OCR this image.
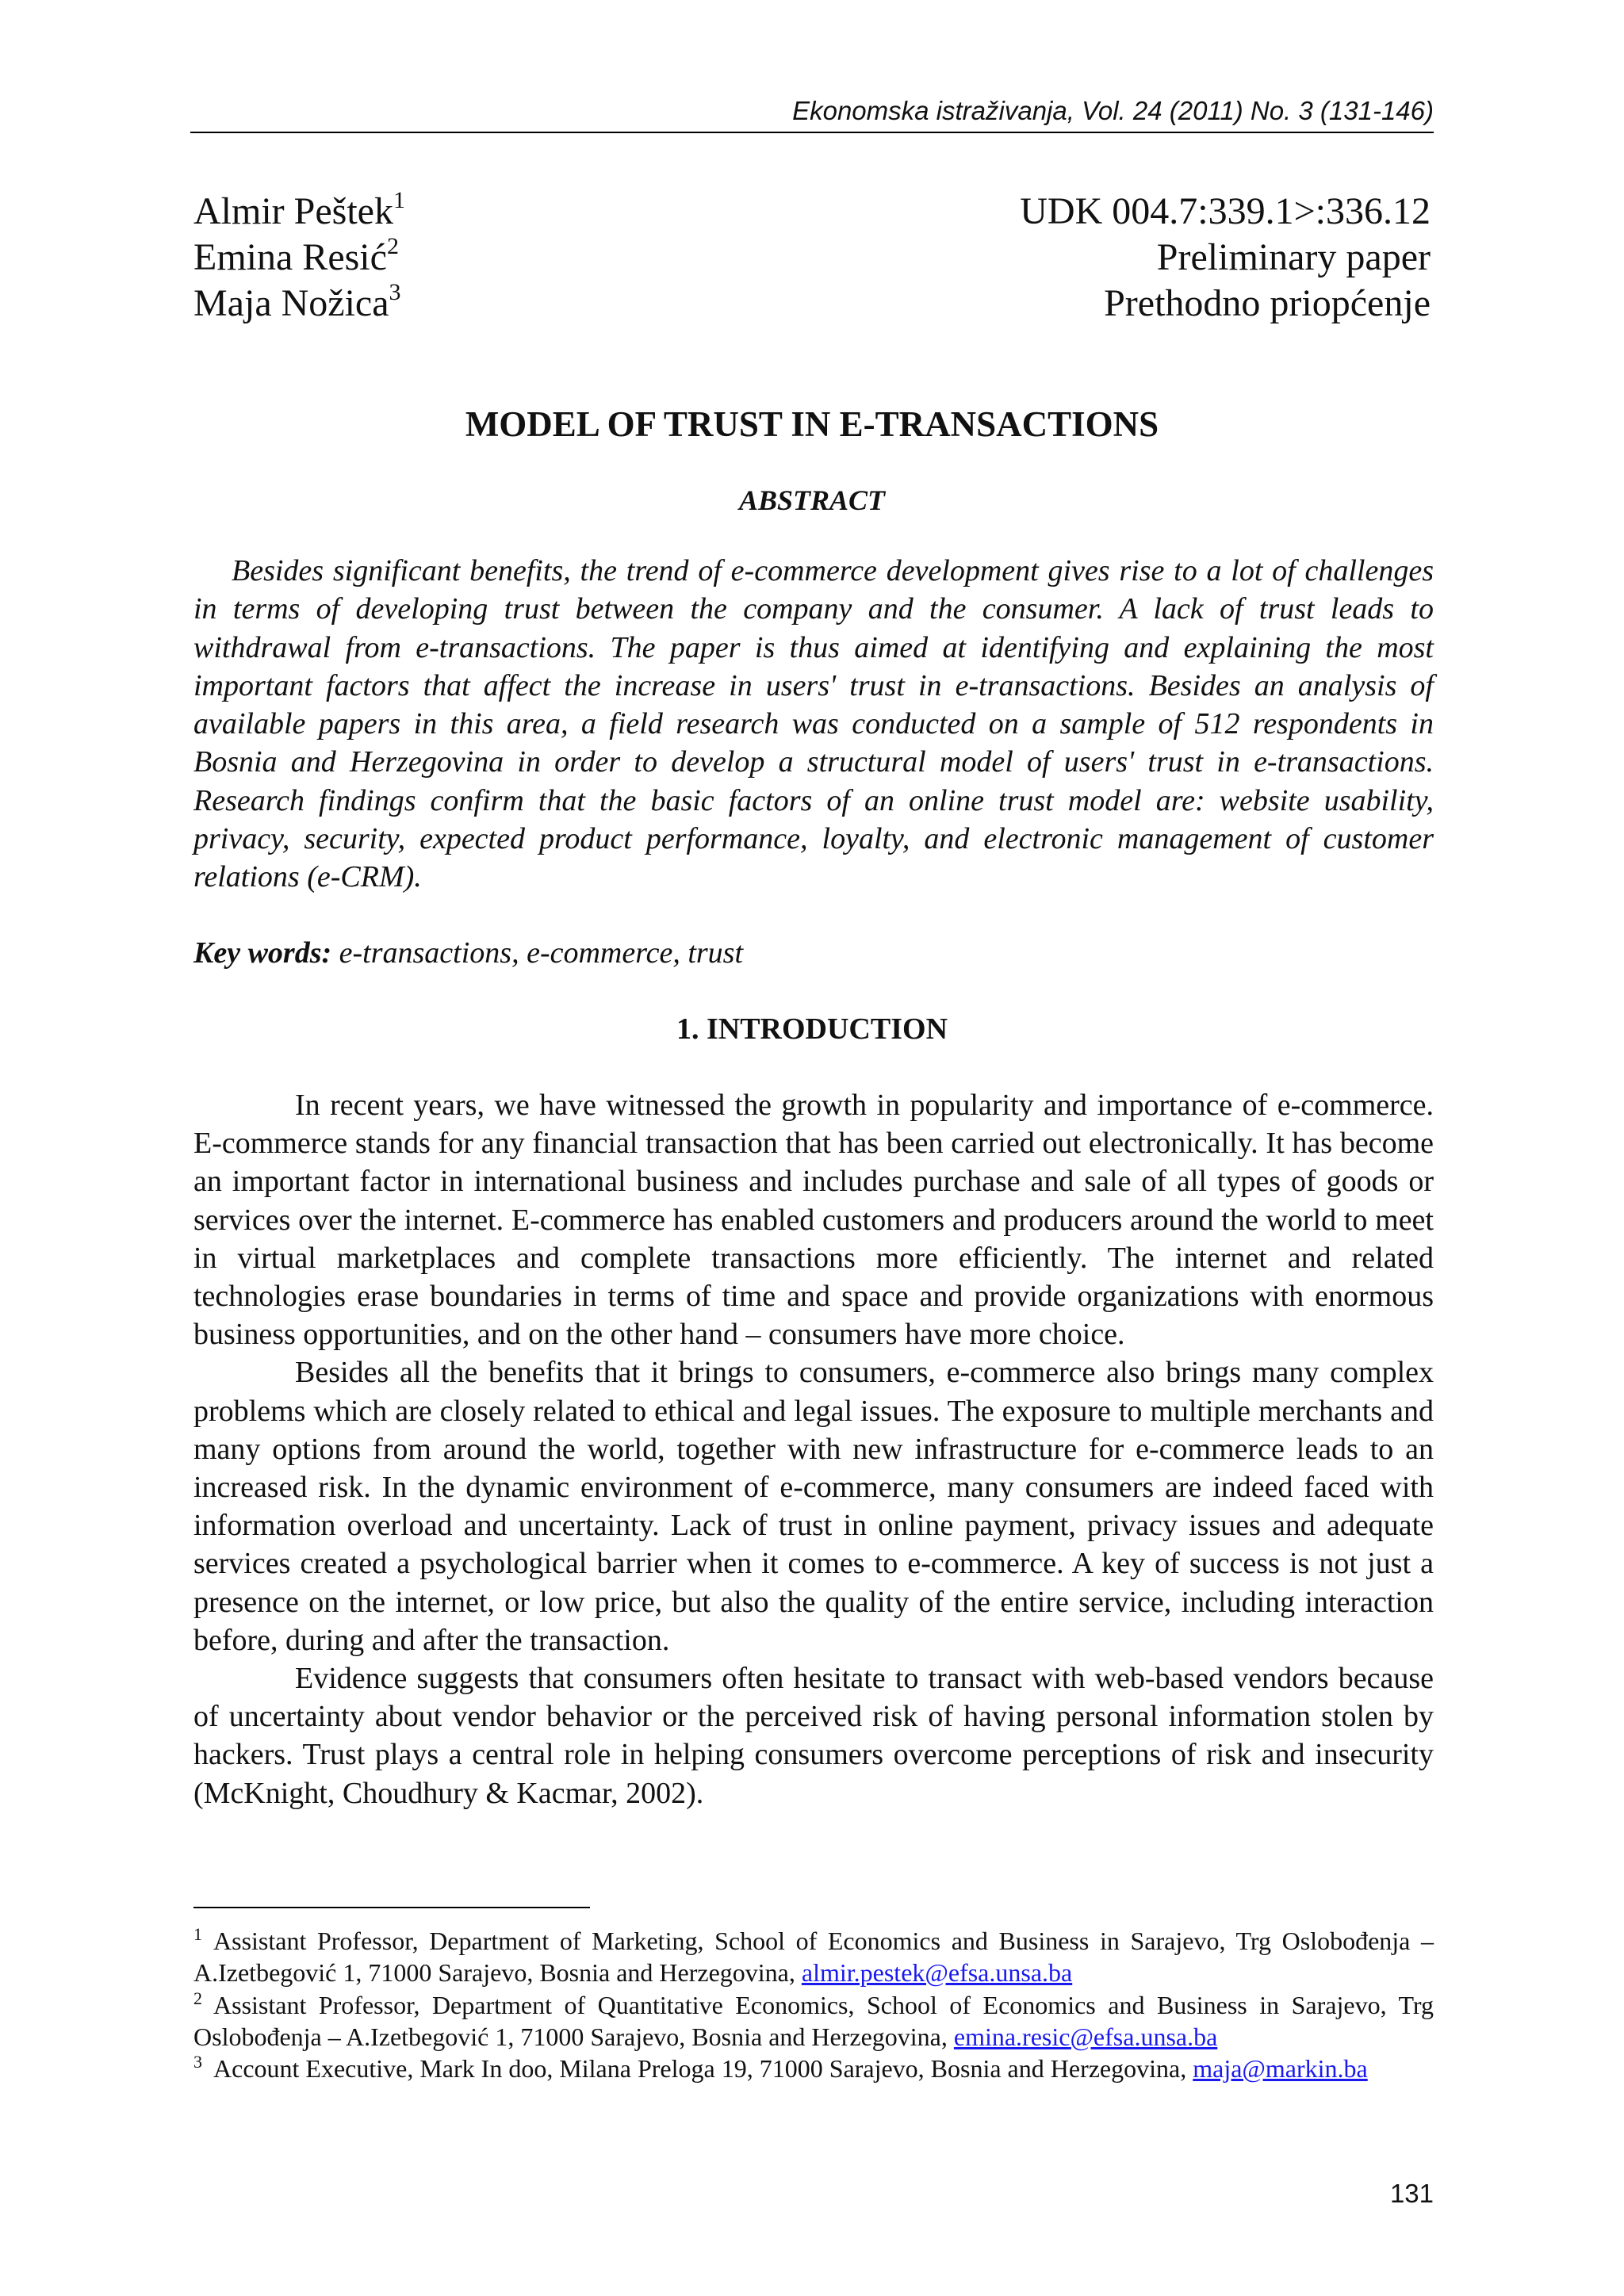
Ekonomska istraživanja, Vol. 24 (2011) No. 3 (131-146)
Almir Peštek$^1$
Emina Resić$^2$
Maja Nožica$^3$
UDK 004.7:339.1>:336.12
Preliminary paper
Prethodno priopćenje
MODEL OF TRUST IN E-TRANSACTIONS
ABSTRACT

Besides significant benefits, the trend of e-commerce development gives rise to a lot of challenges in terms of developing trust between the company and the consumer. A lack of trust leads to withdrawal from e-transactions. The paper is thus aimed at identifying and explaining the most important factors that affect the increase in users' trust in e-transactions. Besides an analysis of available papers in this area, a field research was conducted on a sample of 512 respondents in Bosnia and Herzegovina in order to develop a structural model of users' trust in e-transactions. Research findings confirm that the basic factors of an online trust model are: website usability, privacy, security, expected product performance, loyalty, and electronic management of customer relations (e-CRM).

Key words: e-transactions, e-commerce, trust

1. INTRODUCTION

In recent years, we have witnessed the growth in popularity and importance of e-commerce. E-commerce stands for any financial transaction that has been carried out electronically. It has become an important factor in international business and includes purchase and sale of all types of goods or services over the internet. E-commerce has enabled customers and producers around the world to meet in virtual marketplaces and complete transactions more efficiently. The internet and related technologies erase boundaries in terms of time and space and provide organizations with enormous business opportunities, and on the other hand – consumers have more choice.

Besides all the benefits that it brings to consumers, e-commerce also brings many complex problems which are closely related to ethical and legal issues. The exposure to multiple merchants and many options from around the world, together with new infrastructure for e-commerce leads to an increased risk. In the dynamic environment of e-commerce, many consumers are indeed faced with information overload and uncertainty. Lack of trust in online payment, privacy issues and adequate services created a psychological barrier when it comes to e-commerce. A key of success is not just a presence on the internet, or low price, but also the quality of the entire service, including interaction before, during and after the transaction.

Evidence suggests that consumers often hesitate to transact with web-based vendors because of uncertainty about vendor behavior or the perceived risk of having personal information stolen by hackers. Trust plays a central role in helping consumers overcome perceptions of risk and insecurity (McKnight, Choudhury & Kacmar, 2002).

$^1$ Assistant Professor, Department of Marketing, School of Economics and Business in Sarajevo, Trg Oslobođenja – A.Izetbegović 1, 71000 Sarajevo, Bosnia and Herzegovina, almir.pestek@efsa.unsa.ba

$^2$ Assistant Professor, Department of Quantitative Economics, School of Economics and Business in Sarajevo, Trg Oslobođenja – A.Izetbegović 1, 71000 Sarajevo, Bosnia and Herzegovina, emina.resic@efsa.unsa.ba

$^3$ Account Executive, Mark In doo, Milana Preloga 19, 71000 Sarajevo, Bosnia and Herzegovina, maja@markin.ba

131
